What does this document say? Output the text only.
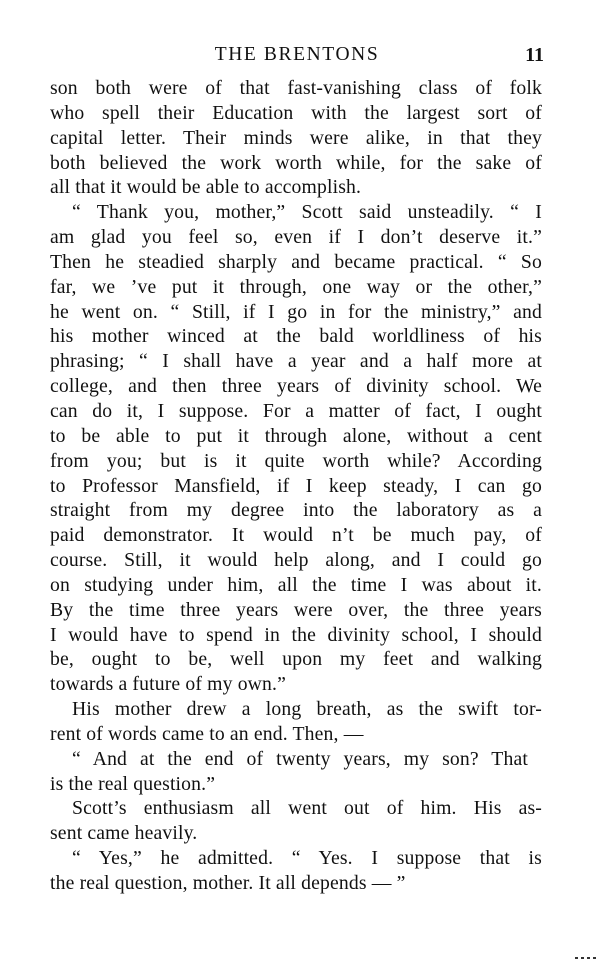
THE BRENTONS	11
son both were of that fast-vanishing class of folk
who spell their Education with the largest sort of
capital letter. Their minds were alike, in that they
both believed the work worth while, for the sake of
all that it would be able to accomplish.
“ Thank you, mother,” Scott said unsteadily. “ I
am glad you feel so, even if I don’t deserve it.”
Then he steadied sharply and became practical. “ So
far, we ’ve put it through, one way or the other,”
he went on. “ Still, if I go in for the ministry,” and
his mother winced at the bald worldliness of his
phrasing; “ I shall have a year and a half more at
college, and then three years of divinity school. We
can do it, I suppose. For a matter of fact, I ought
to be able to put it through alone, without a cent
from you; but is it quite worth while? According
to Professor Mansfield, if I keep steady, I can go
straight from my degree into the laboratory as a
paid demonstrator. It would n’t be much pay, of
course. Still, it would help along, and I could go
on studying under him, all the time I was about it.
By the time three years were over, the three years
I would have to spend in the divinity school, I should
be, ought to be, well upon my feet and walking
towards a future of my own.”
His mother drew a long breath, as the swift tor-
rent of words came to an end. Then, —
“ And at the end of twenty years, my son? That
is the real question.”
Scott’s enthusiasm all went out of him. His as-
sent came heavily.
“ Yes,” he admitted. “ Yes. I suppose that is
the real question, mother. It all depends — ”
